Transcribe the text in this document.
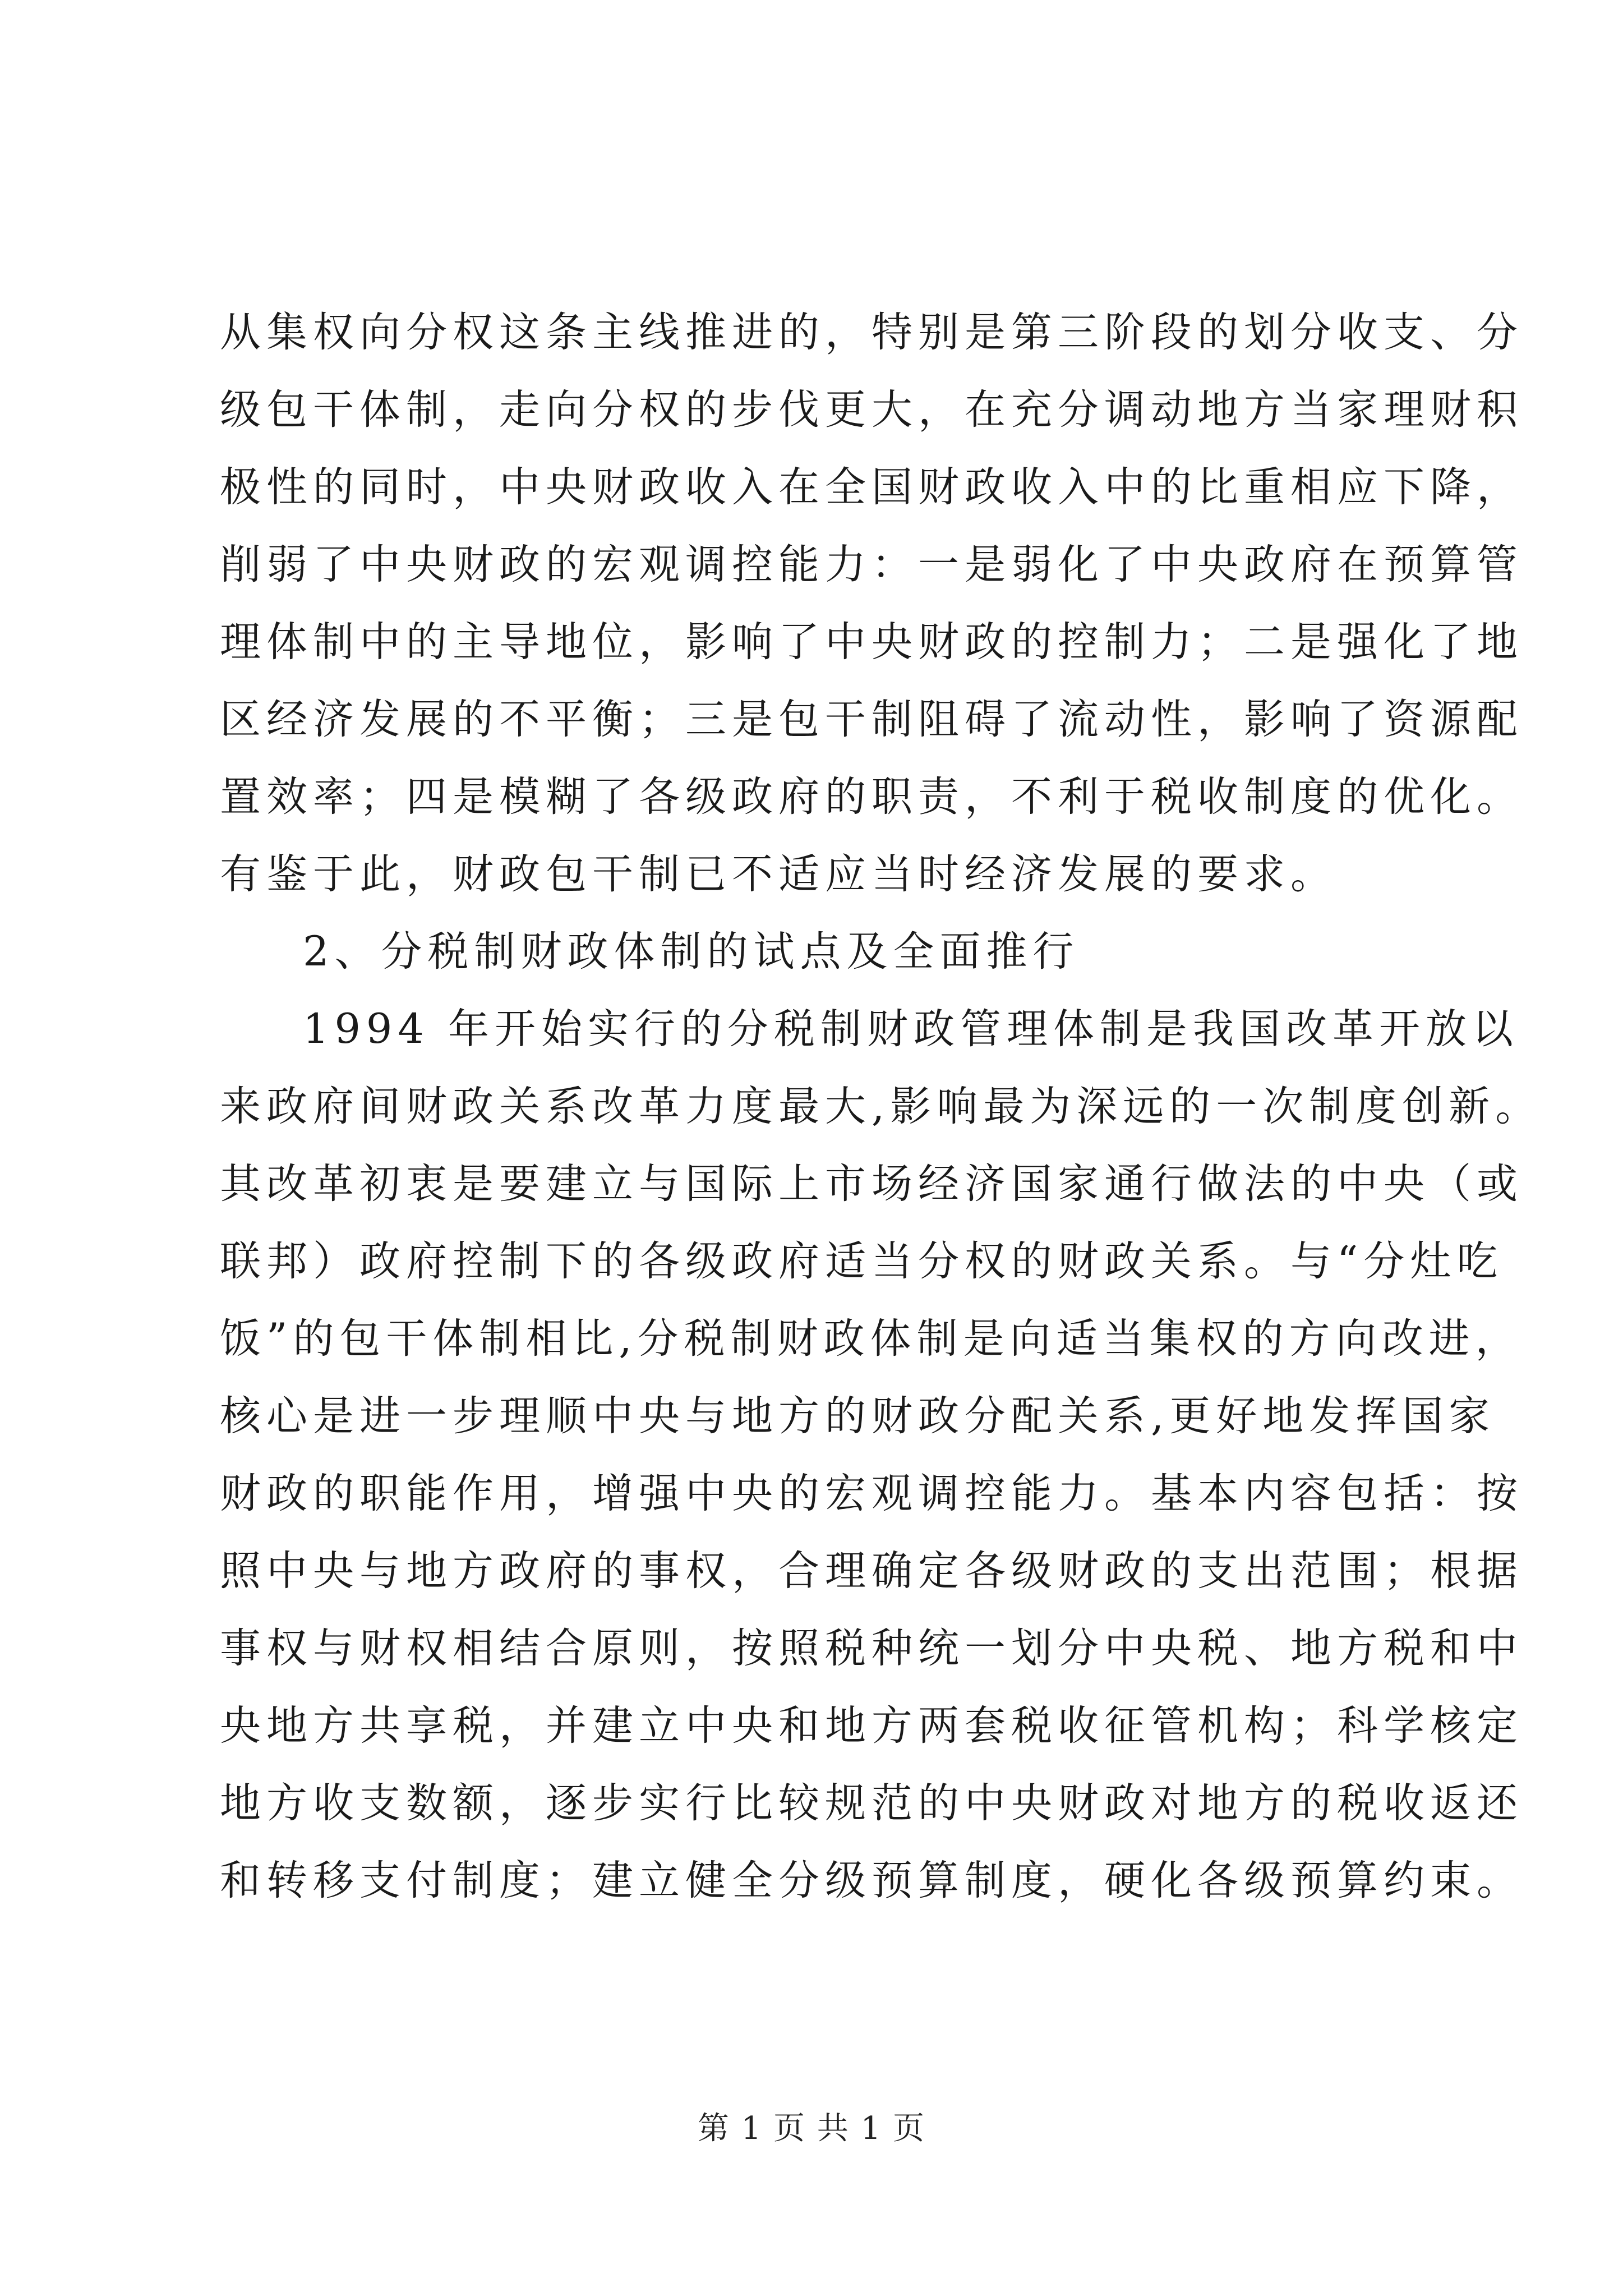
从集权向分权这条主线推进的，特别是第三阶段的划分收支、分
级包干体制，走向分权的步伐更大，在充分调动地方当家理财积
极性的同时，中央财政收入在全国财政收入中的比重相应下降，
削弱了中央财政的宏观调控能力：一是弱化了中央政府在预算管
理体制中的主导地位，影响了中央财政的控制力；二是强化了地
区经济发展的不平衡；三是包干制阻碍了流动性，影响了资源配
置效率；四是模糊了各级政府的职责，不利于税收制度的优化。
有鉴于此，财政包干制已不适应当时经济发展的要求。
2、分税制财政体制的试点及全面推行
1994 年开始实行的分税制财政管理体制是我国改革开放以
来政府间财政关系改革力度最大,影响最为深远的一次制度创新。
其改革初衷是要建立与国际上市场经济国家通行做法的中央（或
联邦）政府控制下的各级政府适当分权的财政关系。与“分灶吃
饭”的包干体制相比,分税制财政体制是向适当集权的方向改进，
核心是进一步理顺中央与地方的财政分配关系,更好地发挥国家
财政的职能作用，增强中央的宏观调控能力。基本内容包括：按
照中央与地方政府的事权，合理确定各级财政的支出范围；根据
事权与财权相结合原则，按照税种统一划分中央税、地方税和中
央地方共享税，并建立中央和地方两套税收征管机构；科学核定
地方收支数额，逐步实行比较规范的中央财政对地方的税收返还
和转移支付制度；建立健全分级预算制度，硬化各级预算约束。
第 1 页 共 1 页
